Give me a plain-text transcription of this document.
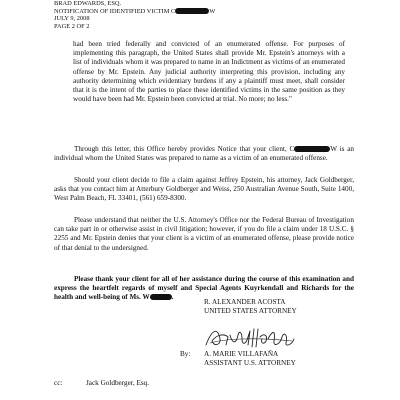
BRAD EDWARDS, ESQ.
NOTIFICATION OF IDENTIFIED VICTIM C	W
JULY 9, 2008
PAGE 2 OF 2
had been tried federally and convicted of an enumerated offense. For purposes of implementing this paragraph, the United States shall provide Mr. Epstein's attorneys with a list of individuals whom it was prepared to name in an Indictment as victims of an enumerated offense by Mr. Epstein. Any judicial authority interpreting this provision, including any authority determining which evidentiary burdens if any a plaintiff must meet, shall consider that it is the intent of the parties to place these identified victims in the same position as they would have been had Mr. Epstein been convicted at trial. No more; no less."
Through this letter, this Office hereby provides Notice that your client, C	W is an individual whom the United States was prepared to name as a victim of an enumerated offense.
Should your client decide to file a claim against Jeffrey Epstein, his attorney, Jack Goldberger, asks that you contact him at Atterbury Goldberger and Weiss, 250 Australian Avenue South, Suite 1400, West Palm Beach, FL 33401, (561) 659-8300.
Please understand that neither the U.S. Attorney's Office nor the Federal Bureau of Investigation can take part in or otherwise assist in civil litigation; however, if you do file a claim under 18 U.S.C. § 2255 and Mr. Epstein denies that your client is a victim of an enumerated offense, please provide notice of that denial to the undersigned.
Please thank your client for all of her assistance during the course of this examination and express the heartfelt regards of myself and Special Agents Kuyrkendall and Richards for the health and well-being of Ms. W	.
R. ALEXANDER ACOSTA
UNITED STATES ATTORNEY
By: A. MARIE VILLAFAÑA
ASSISTANT U.S. ATTORNEY
cc:	Jack Goldberger, Esq.
